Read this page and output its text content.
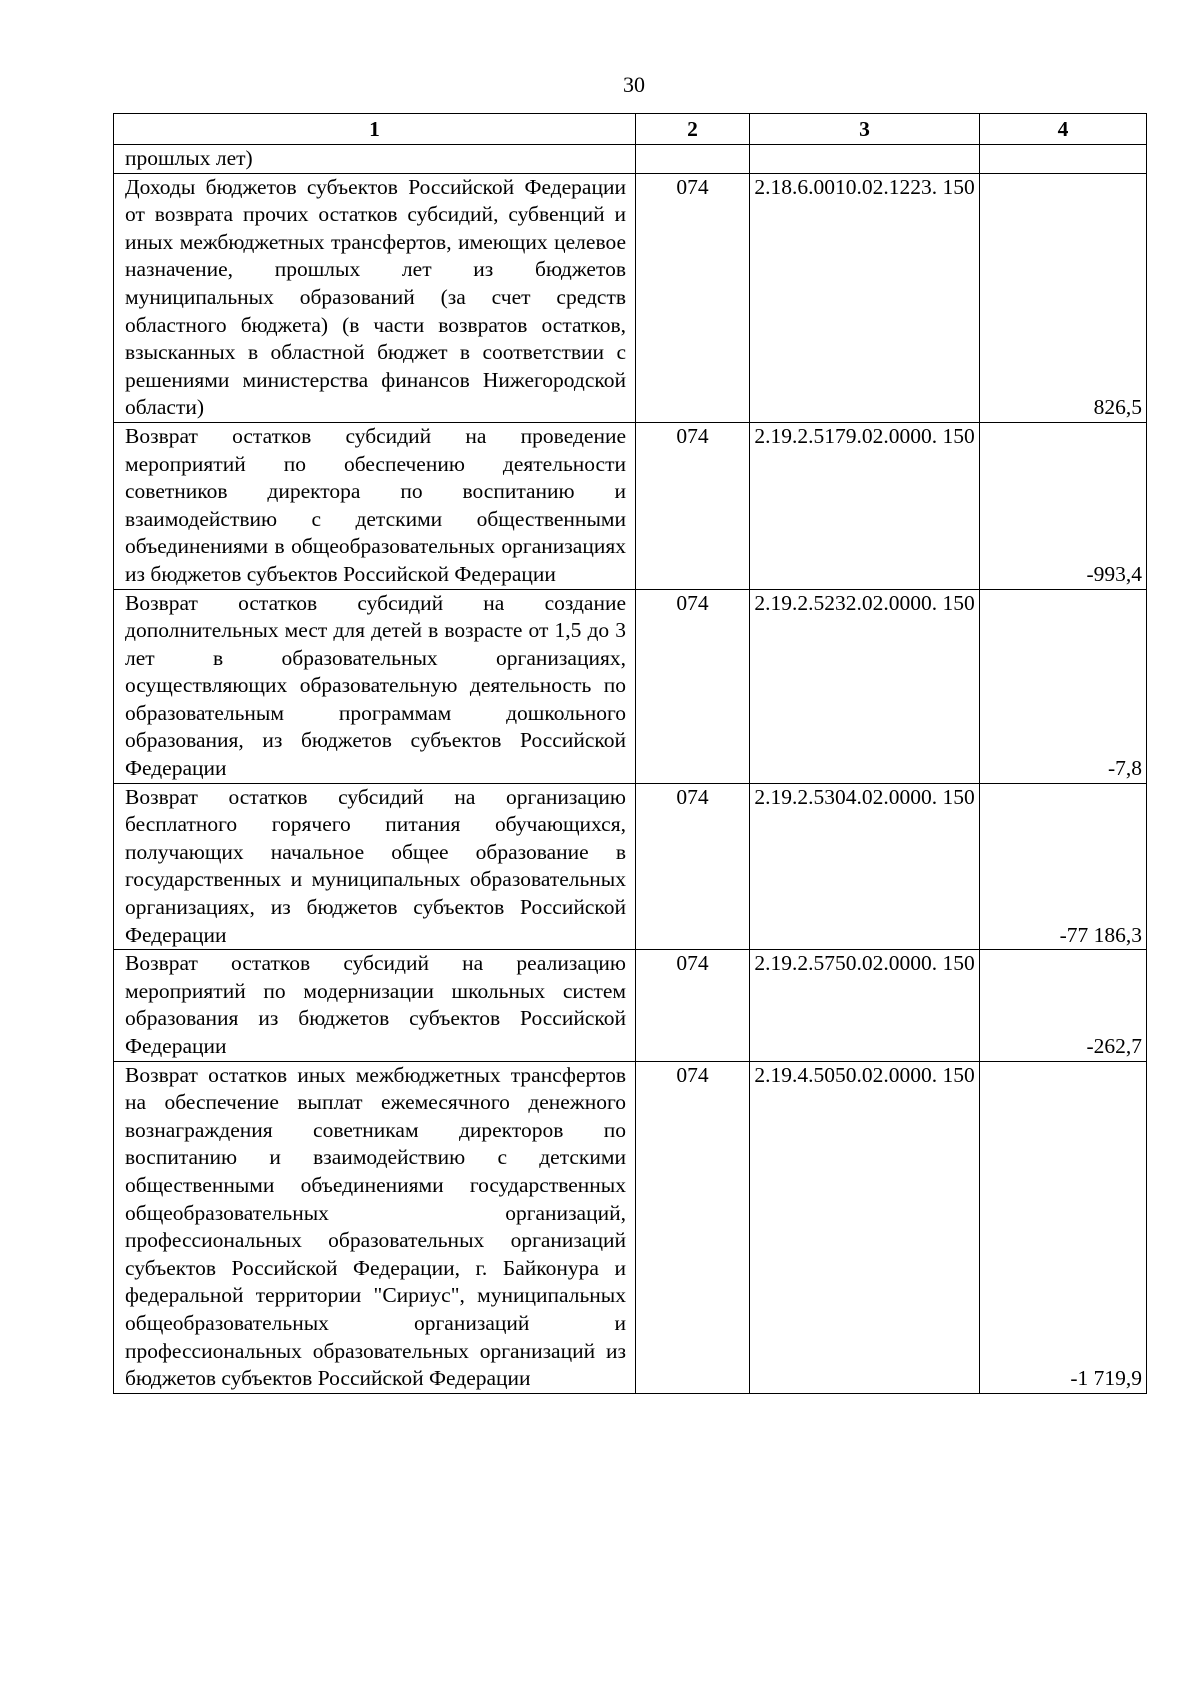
30
1	2	3	4
прошлых лет)			
Доходы бюджетов субъектов Российской Федерации от возврата прочих остатков субсидий, субвенций и иных межбюджетных трансфертов, имеющих целевое назначение, прошлых лет из бюджетов муниципальных образований (за счет средств областного бюджета) (в части возвратов остатков, взысканных в областной бюджет в соответствии с решениями министерства финансов Нижегородской области)	074	2.18.6.0010.02.1223. 150	826,5
Возврат остатков субсидий на проведение мероприятий по обеспечению деятельности советников директора по воспитанию и взаимодействию с детскими общественными объединениями в общеобразовательных организациях из бюджетов субъектов Российской Федерации	074	2.19.2.5179.02.0000. 150	-993,4
Возврат остатков субсидий на создание дополнительных мест для детей в возрасте от 1,5 до 3 лет в образовательных организациях, осуществляющих образовательную деятельность по образовательным программам дошкольного образования, из бюджетов субъектов Российской Федерации	074	2.19.2.5232.02.0000. 150	-7,8
Возврат остатков субсидий на организацию бесплатного горячего питания обучающихся, получающих начальное общее образование в государственных и муниципальных образовательных организациях, из бюджетов субъектов Российской Федерации	074	2.19.2.5304.02.0000. 150	-77 186,3
Возврат остатков субсидий на реализацию мероприятий по модернизации школьных систем образования из бюджетов субъектов Российской Федерации	074	2.19.2.5750.02.0000. 150	-262,7
Возврат остатков иных межбюджетных трансфертов на обеспечение выплат ежемесячного денежного вознаграждения советникам директоров по воспитанию и взаимодействию с детскими общественными объединениями государственных общеобразовательных организаций, профессиональных образовательных организаций субъектов Российской Федерации, г. Байконура и федеральной территории "Сириус", муниципальных общеобразовательных организаций и профессиональных образовательных организаций из бюджетов субъектов Российской Федерации	074	2.19.4.5050.02.0000. 150	-1 719,9
